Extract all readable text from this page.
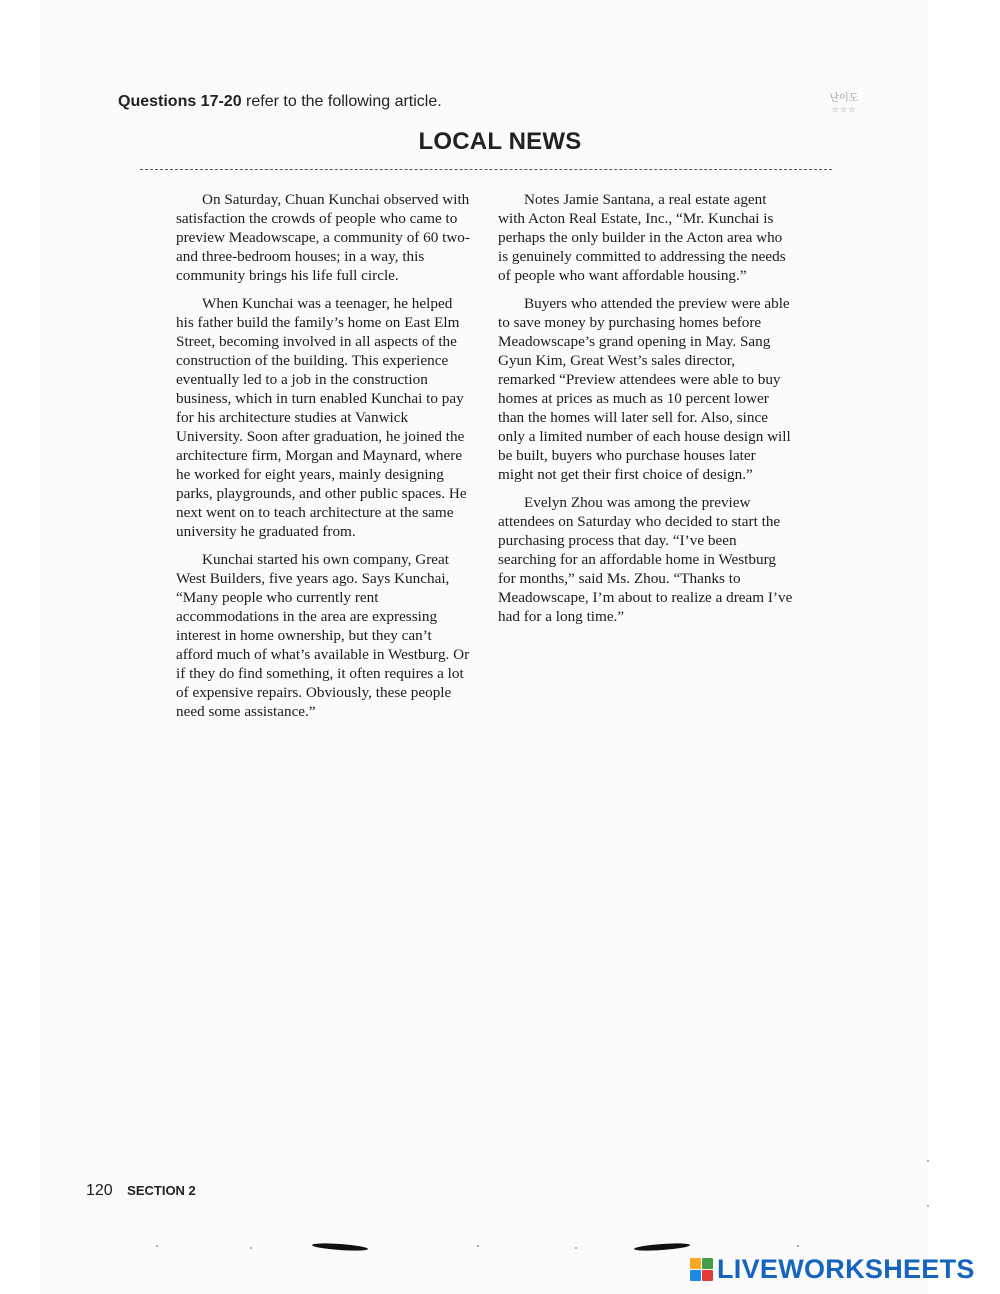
Questions 17-20 refer to the following article.	난이도
☆☆☆
LOCAL NEWS

On Saturday, Chuan Kunchai observed with satisfaction the crowds of people who came to preview Meadowscape, a community of 60 two-and three-bedroom houses; in a way, this community brings his life full circle.

When Kunchai was a teenager, he helped his father build the family’s home on East Elm Street, becoming involved in all aspects of the construction of the building. This experience eventually led to a job in the construction business, which in turn enabled Kunchai to pay for his architecture studies at Vanwick University. Soon after graduation, he joined the architecture firm, Morgan and Maynard, where he worked for eight years, mainly designing parks, playgrounds, and other public spaces. He next went on to teach architecture at the same university he graduated from.

Kunchai started his own company, Great West Builders, five years ago. Says Kunchai, “Many people who currently rent accommodations in the area are expressing interest in home ownership, but they can’t afford much of what’s available in Westburg. Or if they do find something, it often requires a lot of expensive repairs. Obviously, these people need some assistance.”

Notes Jamie Santana, a real estate agent with Acton Real Estate, Inc., “Mr. Kunchai is perhaps the only builder in the Acton area who is genuinely committed to addressing the needs of people who want affordable housing.”

Buyers who attended the preview were able to save money by purchasing homes before Meadowscape’s grand opening in May. Sang Gyun Kim, Great West’s sales director, remarked “Preview attendees were able to buy homes at prices as much as 10 percent lower than the homes will later sell for. Also, since only a limited number of each house design will be built, buyers who purchase houses later might not get their first choice of design.”

Evelyn Zhou was among the preview attendees on Saturday who decided to start the purchasing process that day. “I’ve been searching for an affordable home in Westburg for months,” said Ms. Zhou. “Thanks to Meadowscape, I’m about to realize a dream I’ve had for a long time.”

120 SECTION 2
LIVEWORKSHEETS
